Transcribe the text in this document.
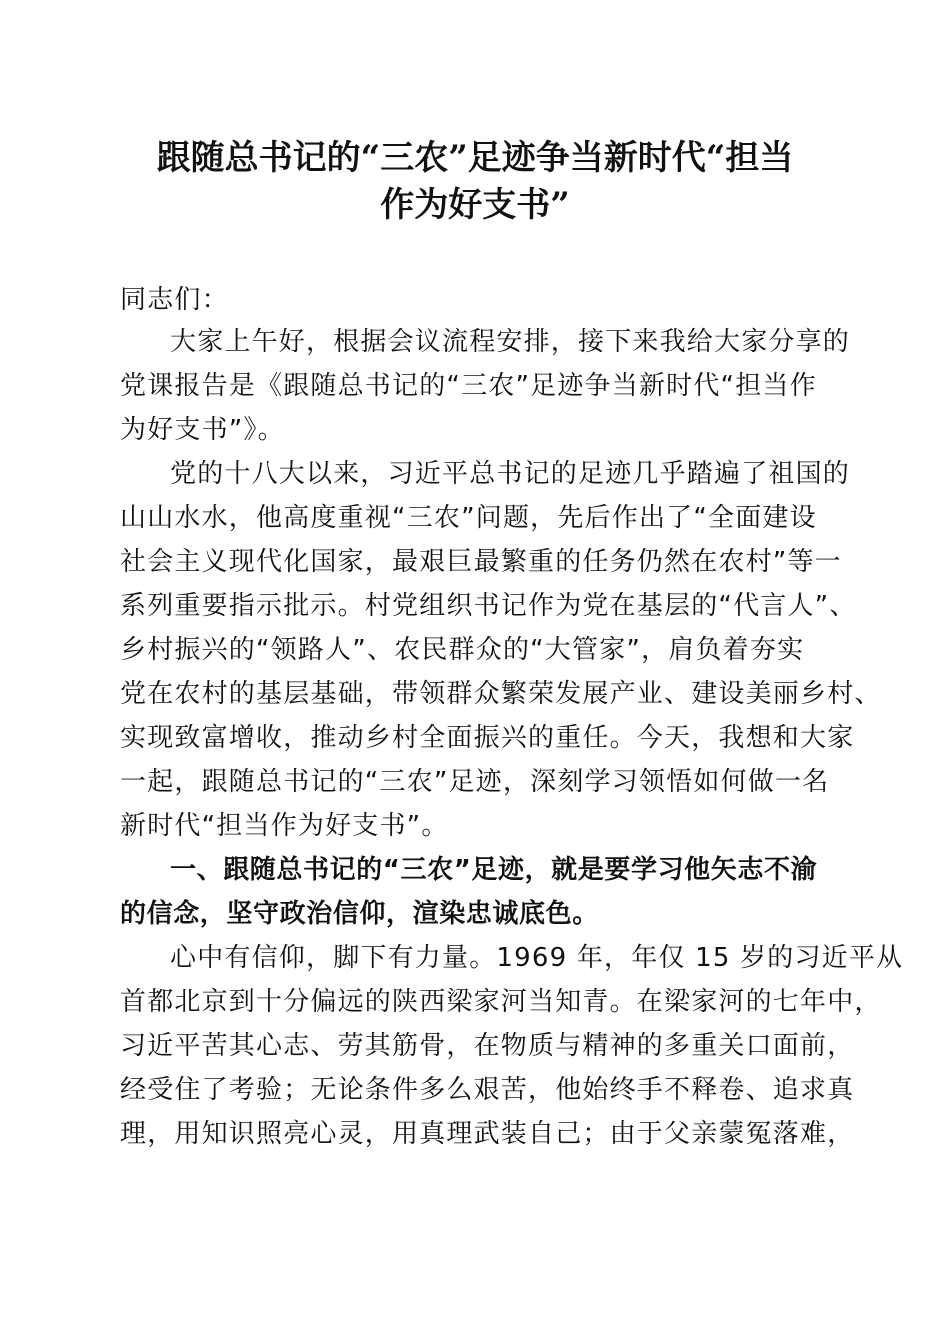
跟随总书记的“三农”足迹争当新时代“担当
作为好支书”
同志们：
大家上午好，根据会议流程安排，接下来我给大家分享的
党课报告是《跟随总书记的“三农”足迹争当新时代“担当作
为好支书”》。
党的十八大以来，习近平总书记的足迹几乎踏遍了祖国的
山山水水，他高度重视“三农”问题，先后作出了“全面建设
社会主义现代化国家，最艰巨最繁重的任务仍然在农村”等一
系列重要指示批示。村党组织书记作为党在基层的“代言人”、
乡村振兴的“领路人”、农民群众的“大管家”，肩负着夯实
党在农村的基层基础，带领群众繁荣发展产业、建设美丽乡村、
实现致富增收，推动乡村全面振兴的重任。今天，我想和大家
一起，跟随总书记的“三农”足迹，深刻学习领悟如何做一名
新时代“担当作为好支书”。
一、跟随总书记的“三农”足迹，就是要学习他矢志不渝
的信念，坚守政治信仰，渲染忠诚底色。
心中有信仰，脚下有力量。1969 年，年仅 15 岁的习近平从
首都北京到十分偏远的陕西梁家河当知青。在梁家河的七年中，
习近平苦其心志、劳其筋骨，在物质与精神的多重关口面前，
经受住了考验；无论条件多么艰苦，他始终手不释卷、追求真
理，用知识照亮心灵，用真理武装自己；由于父亲蒙冤落难，
